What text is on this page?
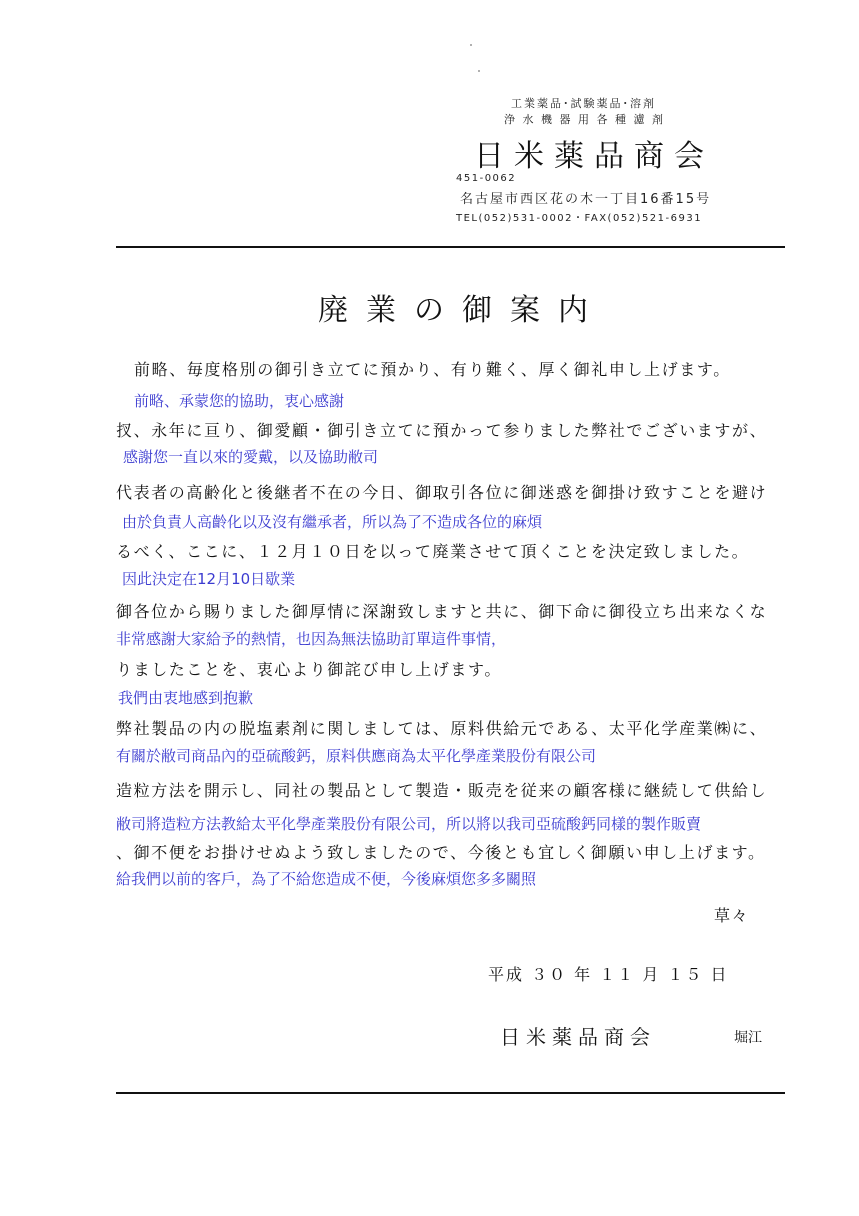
工業薬品･試験薬品･溶剤
浄 水 機 器 用 各 種 濾 剤
日米薬品商会
451-0062
名古屋市西区花の木一丁目16番15号
TEL(052)531-0002・FAX(052)521-6931
廃業の御案内
前略、毎度格別の御引き立てに預かり、有り難く、厚く御礼申し上げます。
前略、承蒙您的協助，衷心感謝
扠、永年に亘り、御愛顧・御引き立てに預かって参りました弊社でございますが、
感謝您一直以來的愛戴，以及協助敝司
代表者の高齢化と後継者不在の今日、御取引各位に御迷惑を御掛け致すことを避け
由於負責人高齡化以及沒有繼承者，所以為了不造成各位的麻煩
るべく、ここに、１２月１０日を以って廃業させて頂くことを決定致しました。
因此決定在12月10日歇業
御各位から賜りました御厚情に深謝致しますと共に、御下命に御役立ち出来なくな
非常感謝大家給予的熱情，也因為無法協助訂單這件事情，
りましたことを、衷心より御詫び申し上げます。
我們由衷地感到抱歉
弊社製品の内の脱塩素剤に関しましては、原料供給元である、太平化学産業㈱に、
有關於敝司商品內的亞硫酸鈣，原料供應商為太平化學產業股份有限公司
造粒方法を開示し、同社の製品として製造・販売を従来の顧客様に継続して供給し
敝司將造粒方法教給太平化學產業股份有限公司，所以將以我司亞硫酸鈣同樣的製作販賣
、御不便をお掛けせぬよう致しましたので、今後とも宜しく御願い申し上げます。
給我們以前的客戶，為了不給您造成不便，今後麻煩您多多關照
草々
平成 ３０ 年 １１ 月 １５ 日
日米薬品商会	堀江
